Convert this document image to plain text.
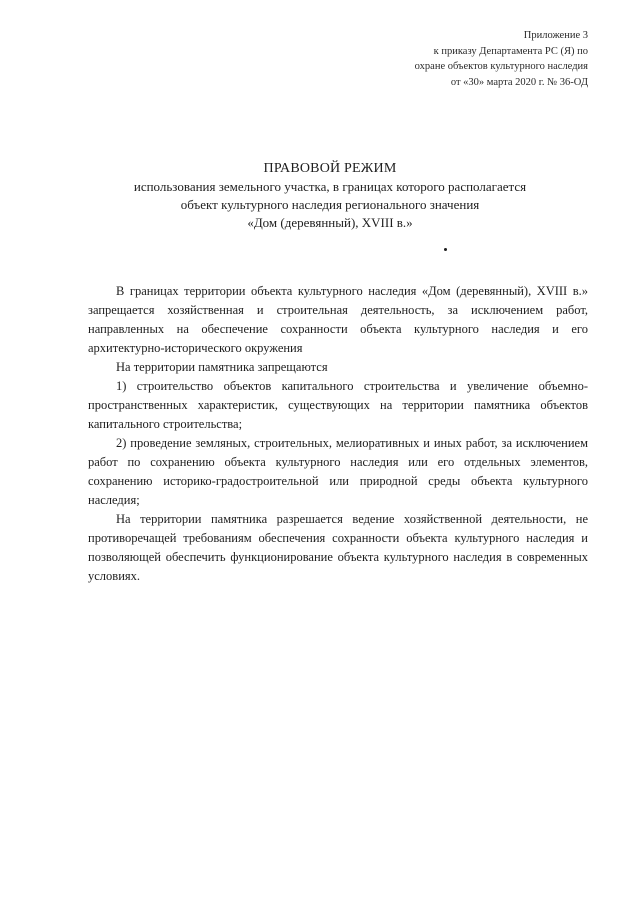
Приложение 3
к приказу Департамента РС (Я) по
охране объектов культурного наследия
от «30» марта 2020 г. № 36-ОД
ПРАВОВОЙ РЕЖИМ
использования земельного участка, в границах которого располагается
объект культурного наследия регионального значения
«Дом (деревянный), XVIII в.»

В границах территории объекта культурного наследия «Дом (деревянный), XVIII в.» запрещается хозяйственная и строительная деятельность, за исключением работ, направленных на обеспечение сохранности объекта культурного наследия и его архитектурно-исторического окружения

На территории памятника запрещаются

1) строительство объектов капитального строительства и увеличение объемно-пространственных характеристик, существующих на территории памятника объектов капитального строительства;

2) проведение земляных, строительных, мелиоративных и иных работ, за исключением работ по сохранению объекта культурного наследия или его отдельных элементов, сохранению историко-градостроительной или природной среды объекта культурного наследия;

На территории памятника разрешается ведение хозяйственной деятельности, не противоречащей требованиям обеспечения сохранности объекта культурного наследия и позволяющей обеспечить функционирование объекта культурного наследия в современных условиях.
